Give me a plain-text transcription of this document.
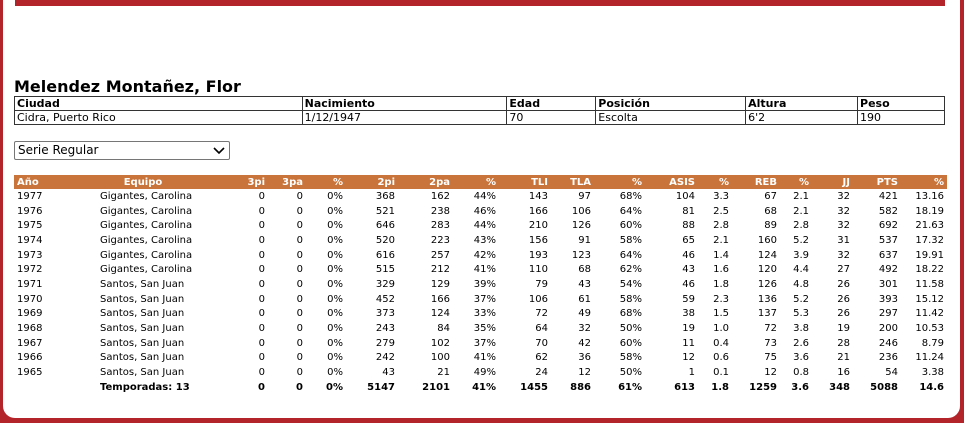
Melendez Montañez, Flor
Ciudad	Nacimiento	Edad	Posición	Altura	Peso
Cidra, Puerto Rico	1/12/1947	70	Escolta	6'2	190
Serie Regular
Año	Equipo	3pi	3pa	%	2pi	2pa	%	TLI	TLA	%	ASIS	%	REB	%	JJ	PTS	%
1977	Gigantes, Carolina	0	0	0%	368	162	44%	143	97	68%	104	3.3	67	2.1	32	421	13.16
1976	Gigantes, Carolina	0	0	0%	521	238	46%	166	106	64%	81	2.5	68	2.1	32	582	18.19
1975	Gigantes, Carolina	0	0	0%	646	283	44%	210	126	60%	88	2.8	89	2.8	32	692	21.63
1974	Gigantes, Carolina	0	0	0%	520	223	43%	156	91	58%	65	2.1	160	5.2	31	537	17.32
1973	Gigantes, Carolina	0	0	0%	616	257	42%	193	123	64%	46	1.4	124	3.9	32	637	19.91
1972	Gigantes, Carolina	0	0	0%	515	212	41%	110	68	62%	43	1.6	120	4.4	27	492	18.22
1971	Santos, San Juan	0	0	0%	329	129	39%	79	43	54%	46	1.8	126	4.8	26	301	11.58
1970	Santos, San Juan	0	0	0%	452	166	37%	106	61	58%	59	2.3	136	5.2	26	393	15.12
1969	Santos, San Juan	0	0	0%	373	124	33%	72	49	68%	38	1.5	137	5.3	26	297	11.42
1968	Santos, San Juan	0	0	0%	243	84	35%	64	32	50%	19	1.0	72	3.8	19	200	10.53
1967	Santos, San Juan	0	0	0%	279	102	37%	70	42	60%	11	0.4	73	2.6	28	246	8.79
1966	Santos, San Juan	0	0	0%	242	100	41%	62	36	58%	12	0.6	75	3.6	21	236	11.24
1965	Santos, San Juan	0	0	0%	43	21	49%	24	12	50%	1	0.1	12	0.8	16	54	3.38
	Temporadas: 13	0	0	0%	5147	2101	41%	1455	886	61%	613	1.8	1259	3.6	348	5088	14.6
